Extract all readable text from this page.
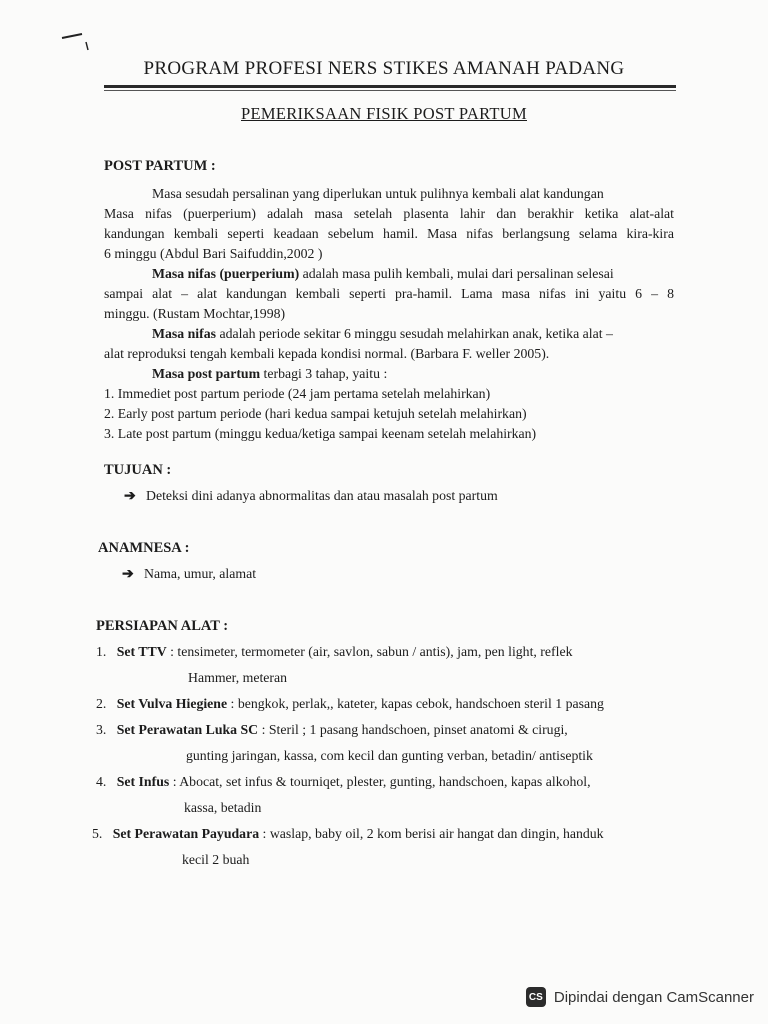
PROGRAM PROFESI NERS STIKES AMANAH PADANG
PEMERIKSAAN FISIK POST PARTUM
POST PARTUM :
Masa sesudah persalinan yang diperlukan untuk pulihnya kembali alat kandungan
Masa nifas (puerperium) adalah masa setelah plasenta lahir dan berakhir ketika alat-alat
kandungan kembali seperti keadaan sebelum hamil. Masa nifas berlangsung selama kira-kira
6 minggu (Abdul Bari Saifuddin,2002 )
Masa nifas (puerperium) adalah masa pulih kembali, mulai dari persalinan selesai
sampai alat – alat kandungan kembali seperti pra-hamil. Lama masa nifas ini yaitu 6 – 8
minggu. (Rustam Mochtar,1998)
Masa nifas adalah periode sekitar 6 minggu sesudah melahirkan anak, ketika alat –
alat reproduksi tengah kembali kepada kondisi normal. (Barbara F. weller 2005).
Masa post partum terbagi 3 tahap, yaitu :
1. Immediet post partum periode (24 jam pertama setelah melahirkan)
2. Early post partum periode (hari kedua sampai ketujuh setelah melahirkan)
3. Late post partum (minggu kedua/ketiga sampai keenam setelah melahirkan)
TUJUAN :
➔ Deteksi dini adanya abnormalitas dan atau masalah post partum
ANAMNESA :
➔ Nama, umur, alamat
PERSIAPAN ALAT :
1. Set TTV : tensimeter, termometer (air, savlon, sabun / antis), jam, pen light, reflek
Hammer, meteran
2. Set Vulva Hiegiene : bengkok, perlak,, kateter, kapas cebok, handschoen steril 1 pasang
3. Set Perawatan Luka SC : Steril ; 1 pasang handschoen, pinset anatomi & cirugi,
gunting jaringan, kassa, com kecil dan gunting verban, betadin/ antiseptik
4. Set Infus : Abocat, set infus & tourniqet, plester, gunting, handschoen, kapas alkohol,
kassa, betadin
5. Set Perawatan Payudara : waslap, baby oil, 2 kom berisi air hangat dan dingin, handuk
kecil 2 buah
CS Dipindai dengan CamScanner
